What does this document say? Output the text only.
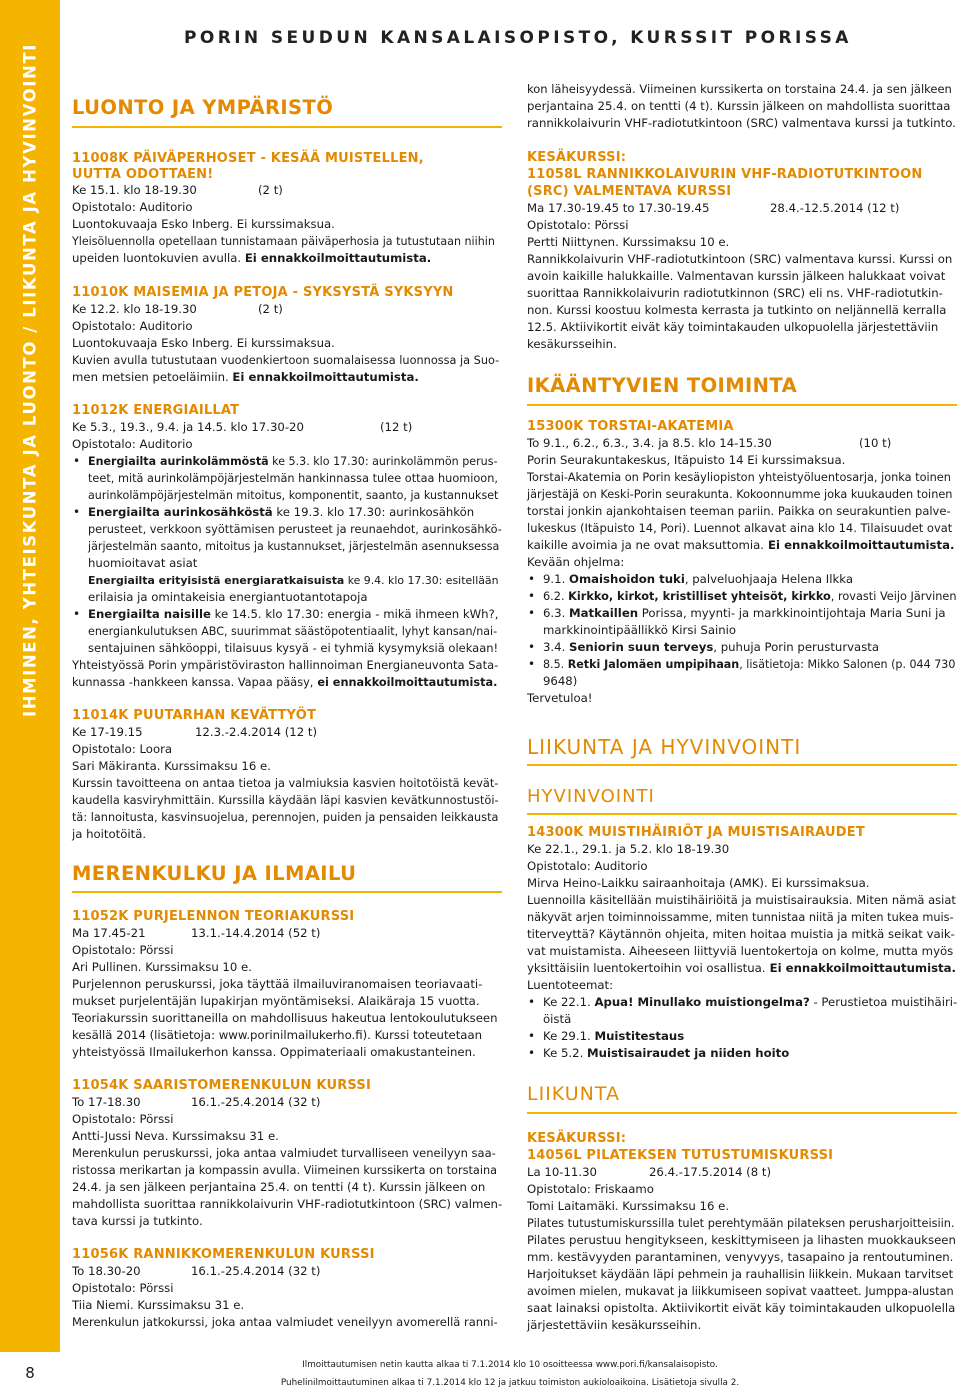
IHMINEN, YHTEISKUNTA JA LUONTO / LIIKUNTA JA HYVINVOINTI
8
PORIN SEUDUN KANSALAISOPISTO, KURSSIT PORISSA
LUONTO JA YMPÄRISTÖ
11008K PÄIVÄPERHOSET - KESÄÄ MUISTELLEN,
UUTTA ODOTTAEN!
Ke 15.1. klo 18-19.30	(2 t)
Opistotalo: Auditorio
Luontokuvaaja Esko Inberg. Ei kurssimaksua.
Yleisöluennolla opetellaan tunnistamaan päiväperhosia ja tutustutaan niihin
upeiden luontokuvien avulla. Ei ennakkoilmoittautumista.
11010K MAISEMIA JA PETOJA - SYKSYSTÄ SYKSYYN
Ke 12.2. klo 18-19.30	(2 t)
Opistotalo: Auditorio
Luontokuvaaja Esko Inberg. Ei kurssimaksua.
Kuvien avulla tutustutaan vuodenkiertoon suomalaisessa luonnossa ja Suo-
men metsien petoeläimiin. Ei ennakkoilmoittautumista.
11012K ENERGIAILLAT
Ke 5.3., 19.3., 9.4. ja 14.5. klo 17.30-20	(12 t)
Opistotalo: Auditorio
• Energiailta aurinkolämmöstä ke 5.3. klo 17.30: aurinkolämmön perus-
teet, mitä aurinkolämpöjärjestelmän hankinnassa tulee ottaa huomioon,
aurinkolämpöjärjestelmän mitoitus, komponentit, saanto, ja kustannukset
• Energiailta aurinkosähköstä ke 19.3. klo 17.30: aurinkosähkön
perusteet, verkkoon syöttämisen perusteet ja reunaehdot, aurinkosähkö-
järjestelmän saanto, mitoitus ja kustannukset, järjestelmän asennuksessa
huomioitavat asiat
Energiailta erityisistä energiaratkaisuista ke 9.4. klo 17.30: esitellään
erilaisia ja omintakeisia energiantuotantotapoja
• Energiailta naisille ke 14.5. klo 17.30: energia - mikä ihmeen kWh?,
energiankulutuksen ABC, suurimmat säästöpotentiaalit, lyhyt kansan/nai-
sentajuinen sähköoppi, tilaisuus kysyä - ei tyhmiä kysymyksiä olekaan!
Yhteistyössä Porin ympäristöviraston hallinnoiman Energianeuvonta Sata-
kunnassa -hankkeen kanssa. Vapaa pääsy, ei ennakkoilmoittautumista.
11014K PUUTARHAN KEVÄTTYÖT
Ke 17-19.15	12.3.-2.4.2014 (12 t)
Opistotalo: Loora
Sari Mäkiranta. Kurssimaksu 16 e.
Kurssin tavoitteena on antaa tietoa ja valmiuksia kasvien hoitotöistä kevät-
kaudella kasviryhmittäin. Kurssilla käydään läpi kasvien kevätkunnostustöi-
tä: lannoitusta, kasvinsuojelua, perennojen, puiden ja pensaiden leikkausta
ja hoitotöitä.
MERENKULKU JA ILMAILU
11052K PURJELENNON TEORIAKURSSI
Ma 17.45-21	13.1.-14.4.2014 (52 t)
Opistotalo: Pörssi
Ari Pullinen. Kurssimaksu 10 e.
Purjelennon peruskurssi, joka täyttää ilmailuviranomaisen teoriavaati-
mukset purjelentäjän lupakirjan myöntämiseksi. Alaikäraja 15 vuotta.
Teoriakurssin suorittaneilla on mahdollisuus hakeutua lentokoulutukseen
kesällä 2014 (lisätietoja: www.porinilmailukerho.fi). Kurssi toteutetaan
yhteistyössä Ilmailukerhon kanssa. Oppimateriaali omakustanteinen.
11054K SAARISTOMERENKULUN KURSSI
To 17-18.30	16.1.-25.4.2014 (32 t)
Opistotalo: Pörssi
Antti-Jussi Neva. Kurssimaksu 31 e.
Merenkulun peruskurssi, joka antaa valmiudet turvalliseen veneilyyn saa-
ristossa merikartan ja kompassin avulla. Viimeinen kurssikerta on torstaina
24.4. ja sen jälkeen perjantaina 25.4. on tentti (4 t). Kurssin jälkeen on
mahdollista suorittaa rannikkolaivurin VHF-radiotutkintoon (SRC) valmen-
tava kurssi ja tutkinto.
11056K RANNIKKOMERENKULUN KURSSI
To 18.30-20	16.1.-25.4.2014 (32 t)
Opistotalo: Pörssi
Tiia Niemi. Kurssimaksu 31 e.
Merenkulun jatkokurssi, joka antaa valmiudet veneilyyn avomerellä ranni-
kon läheisyydessä. Viimeinen kurssikerta on torstaina 24.4. ja sen jälkeen
perjantaina 25.4. on tentti (4 t). Kurssin jälkeen on mahdollista suorittaa
rannikkolaivurin VHF-radiotutkintoon (SRC) valmentava kurssi ja tutkinto.
KESÄKURSSI:
11058L RANNIKKOLAIVURIN VHF-RADIOTUTKINTOON
(SRC) VALMENTAVA KURSSI
Ma 17.30-19.45 to 17.30-19.45	28.4.-12.5.2014 (12 t)
Opistotalo: Pörssi
Pertti Niittynen. Kurssimaksu 10 e.
Rannikkolaivurin VHF-radiotutkintoon (SRC) valmentava kurssi. Kurssi on
avoin kaikille halukkaille. Valmentavan kurssin jälkeen halukkaat voivat
suorittaa Rannikkolaivurin radiotutkinnon (SRC) eli ns. VHF-radiotutkin-
non. Kurssi koostuu kolmesta kerrasta ja tutkinto on neljännellä kerralla
12.5. Aktiivikortit eivät käy toimintakauden ulkopuolella järjestettäviin
kesäkursseihin.
IKÄÄNTYVIEN TOIMINTA
15300K TORSTAI-AKATEMIA
To 9.1., 6.2., 6.3., 3.4. ja 8.5. klo 14-15.30	(10 t)
Porin Seurakuntakeskus, Itäpuisto 14 Ei kurssimaksua.
Torstai-Akatemia on Porin kesäyliopiston yhteistyöluentosarja, jonka toinen
järjestäjä on Keski-Porin seurakunta. Kokoonnumme joka kuukauden toinen
torstai jonkin ajankohtaisen teeman pariin. Paikka on seurakuntien palve-
lukeskus (Itäpuisto 14, Pori). Luennot alkavat aina klo 14. Tilaisuudet ovat
kaikille avoimia ja ne ovat maksuttomia. Ei ennakkoilmoittautumista.
Kevään ohjelma:
• 9.1. Omaishoidon tuki, palveluohjaaja Helena Ilkka
• 6.2. Kirkko, kirkot, kristilliset yhteisöt, kirkko, rovasti Veijo Järvinen
• 6.3. Matkaillen Porissa, myynti- ja markkinointijohtaja Maria Suni ja
markkinointipäällikkö Kirsi Sainio
• 3.4. Seniorin suun terveys, puhuja Porin perusturvasta
• 8.5. Retki Jalomäen umpipihaan, lisätietoja: Mikko Salonen (p. 044 730
9648)
Tervetuloa!
LIIKUNTA JA HYVINVOINTI
HYVINVOINTI
14300K MUISTIHÄIRIÖT JA MUISTISAIRAUDET
Ke 22.1., 29.1. ja 5.2. klo 18-19.30
Opistotalo: Auditorio
Mirva Heino-Laikku sairaanhoitaja (AMK). Ei kurssimaksua.
Luennoilla käsitellään muistihäiriöitä ja muistisairauksia. Miten nämä asiat
näkyvät arjen toiminnoissamme, miten tunnistaa niitä ja miten tukea muis-
titerveyttä? Käytännön ohjeita, miten hoitaa muistia ja mitkä seikat vaik-
vat muistamista. Aiheeseen liittyviä luentokertoja on kolme, mutta myös
yksittäisiin luentokertoihin voi osallistua. Ei ennakkoilmoittautumista.
Luentoteemat:
• Ke 22.1. Apua! Minullako muistiongelma? - Perustietoa muistihäiri-
öistä
• Ke 29.1. Muistitestaus
• Ke 5.2. Muistisairaudet ja niiden hoito
LIIKUNTA
KESÄKURSSI:
14056L PILATEKSEN TUTUSTUMISKURSSI
La 10-11.30	26.4.-17.5.2014 (8 t)
Opistotalo: Friskaamo
Tomi Laitamäki. Kurssimaksu 16 e.
Pilates tutustumiskurssilla tulet perehtymään pilateksen perusharjoitteisiin.
Pilates perustuu hengitykseen, keskittymiseen ja lihasten muokkaukseen
mm. kestävyyden parantaminen, venyvyys, tasapaino ja rentoutuminen.
Harjoitukset käydään läpi pehmein ja rauhallisin liikkein. Mukaan tarvitset
avoimen mielen, mukavat ja liikkumiseen sopivat vaatteet. Jumppa-alustan
saat lainaksi opistolta. Aktiivikortit eivät käy toimintakauden ulkopuolella
järjestettäviin kesäkursseihin.
Ilmoittautumisen netin kautta alkaa ti 7.1.2014 klo 10 osoitteessa www.pori.fi/kansalaisopisto.
Puhelinilmoittautuminen alkaa ti 7.1.2014 klo 12 ja jatkuu toimiston aukioloaikoina. Lisätietoja sivulla 2.
